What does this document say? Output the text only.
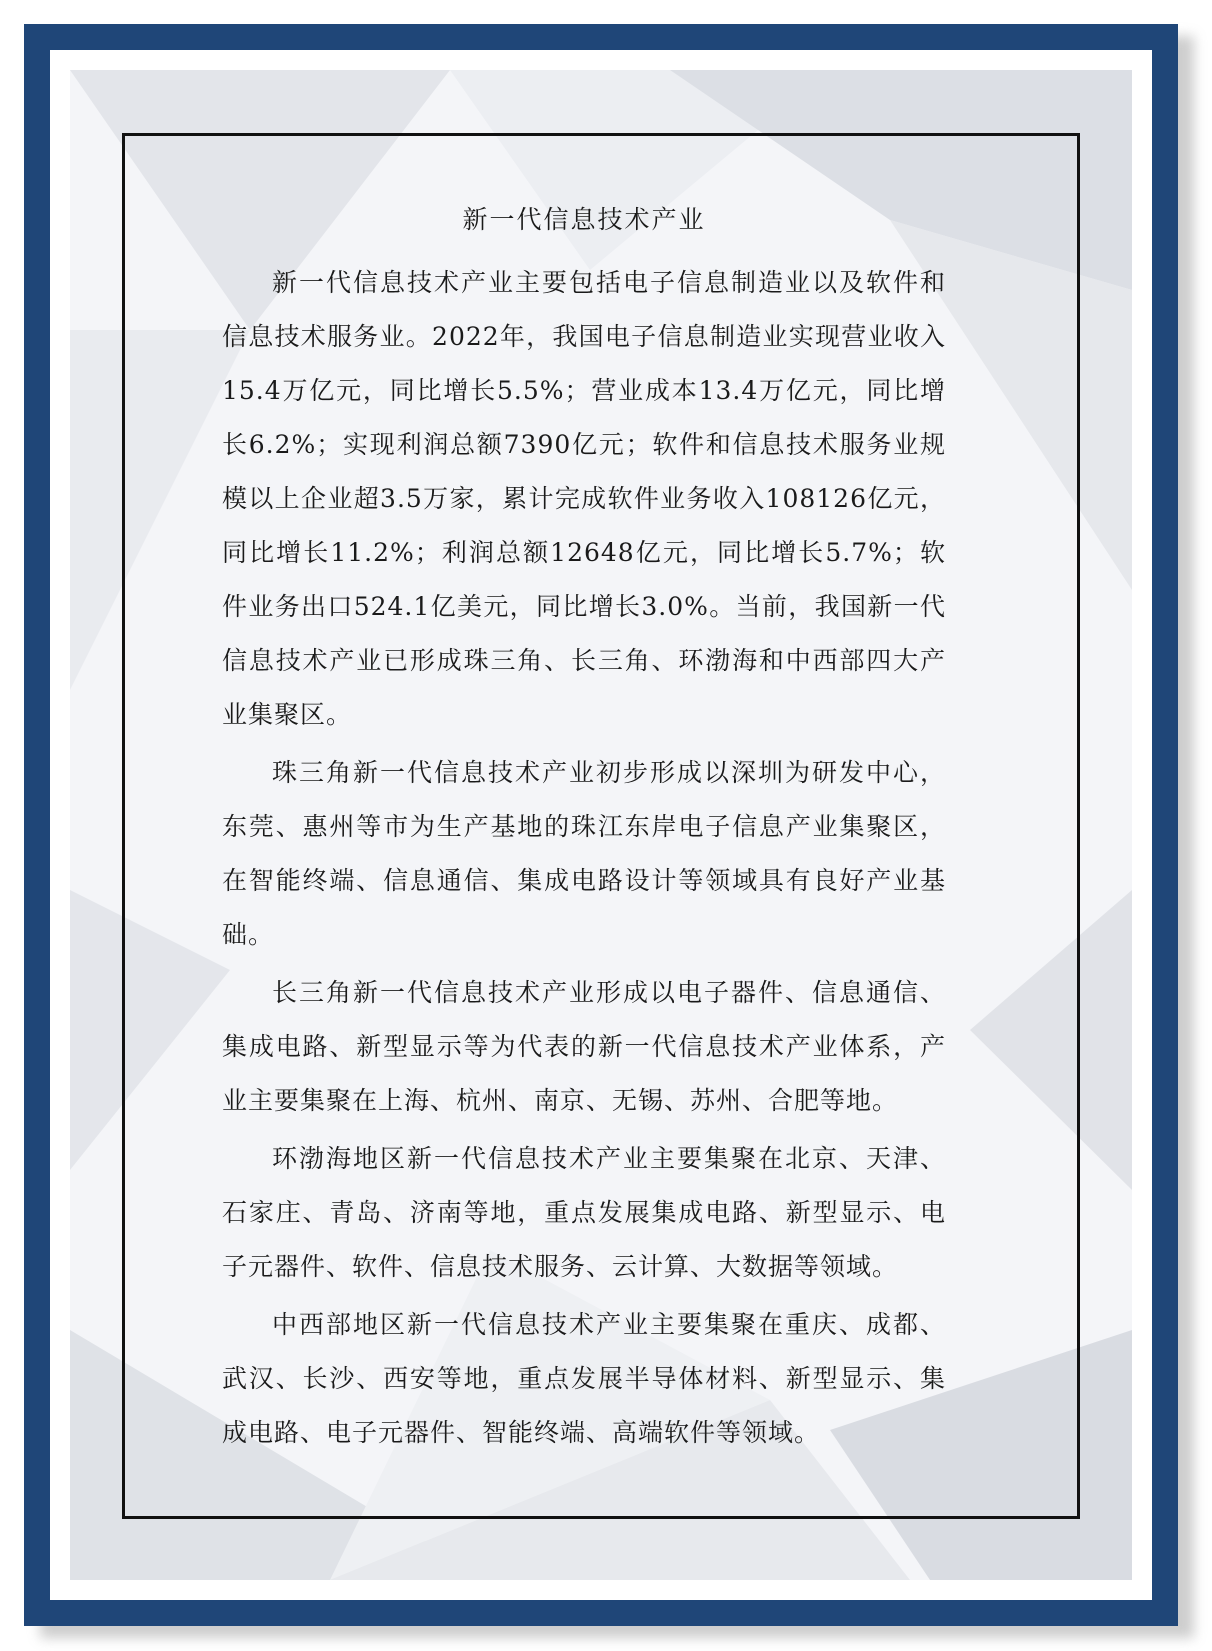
新一代信息技术产业

新一代信息技术产业主要包括电子信息制造业以及软件和信息技术服务业。2022年，我国电子信息制造业实现营业收入15.4万亿元，同比增长5.5%；营业成本13.4万亿元，同比增长6.2%；实现利润总额7390亿元；软件和信息技术服务业规模以上企业超3.5万家，累计完成软件业务收入108126亿元，同比增长11.2%；利润总额12648亿元，同比增长5.7%；软件业务出口524.1亿美元，同比增长3.0%。当前，我国新一代信息技术产业已形成珠三角、长三角、环渤海和中西部四大产业集聚区。

珠三角新一代信息技术产业初步形成以深圳为研发中心，东莞、惠州等市为生产基地的珠江东岸电子信息产业集聚区，在智能终端、信息通信、集成电路设计等领域具有良好产业基础。

长三角新一代信息技术产业形成以电子器件、信息通信、集成电路、新型显示等为代表的新一代信息技术产业体系，产业主要集聚在上海、杭州、南京、无锡、苏州、合肥等地。

环渤海地区新一代信息技术产业主要集聚在北京、天津、石家庄、青岛、济南等地，重点发展集成电路、新型显示、电子元器件、软件、信息技术服务、云计算、大数据等领域。

中西部地区新一代信息技术产业主要集聚在重庆、成都、武汉、长沙、西安等地，重点发展半导体材料、新型显示、集成电路、电子元器件、智能终端、高端软件等领域。
